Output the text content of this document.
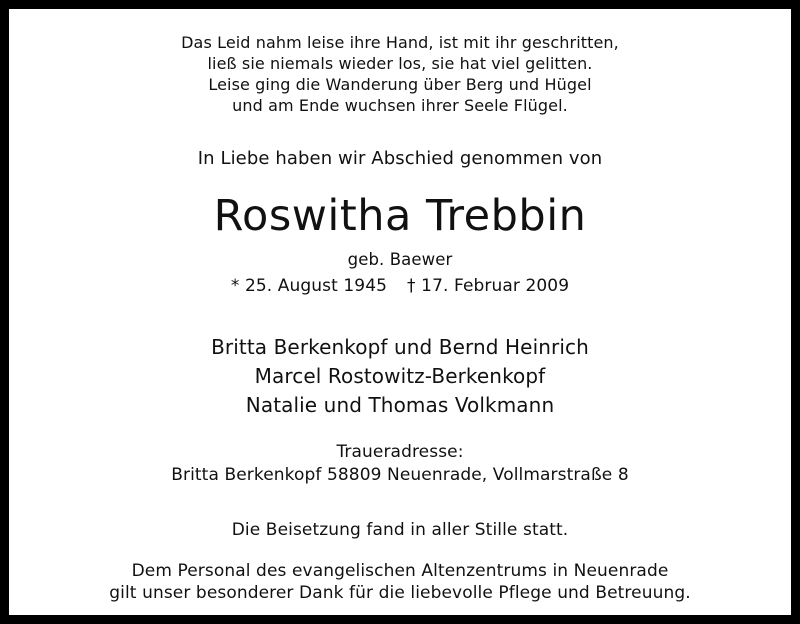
Das Leid nahm leise ihre Hand, ist mit ihr geschritten,
ließ sie niemals wieder los, sie hat viel gelitten.
Leise ging die Wanderung über Berg und Hügel
und am Ende wuchsen ihrer Seele Flügel.
In Liebe haben wir Abschied genommen von
Roswitha Trebbin
geb. Baewer
* 25. August 1945 † 17. Februar 2009
Britta Berkenkopf und Bernd Heinrich
Marcel Rostowitz-Berkenkopf
Natalie und Thomas Volkmann
Traueradresse:
Britta Berkenkopf 58809 Neuenrade, Vollmarstraße 8
Die Beisetzung fand in aller Stille statt.
Dem Personal des evangelischen Altenzentrums in Neuenrade
gilt unser besonderer Dank für die liebevolle Pflege und Betreuung.
